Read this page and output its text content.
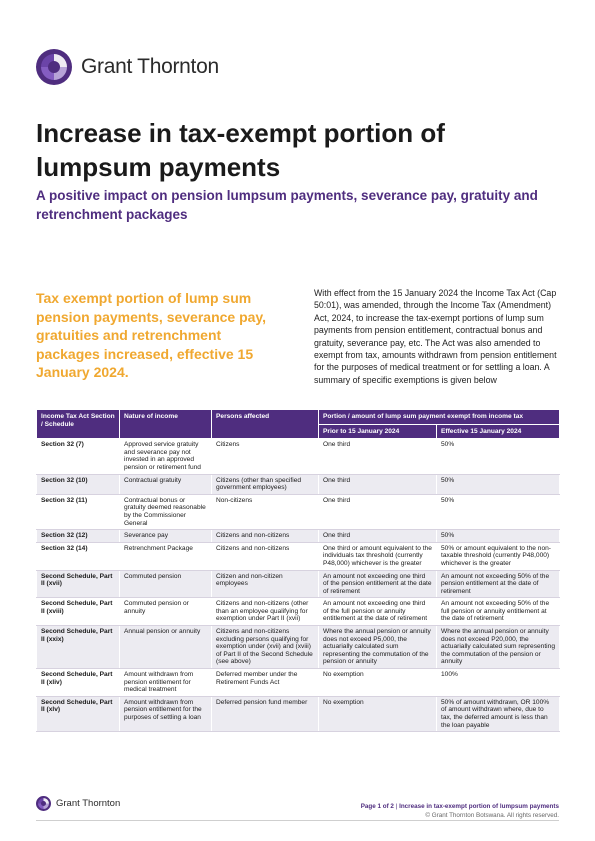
Grant Thornton
Increase in tax-exempt portion of lumpsum payments

A positive impact on pension lumpsum payments, severance pay, gratuity and retrenchment packages

Tax exempt portion of lump sum pension payments, severance pay, gratuities and retrenchment packages increased, effective 15 January 2024.

With effect from the 15 January 2024 the Income Tax Act (Cap 50:01), was amended, through the Income Tax (Amendment) Act, 2024, to increase the tax-exempt portions of lump sum payments from pension entitlement, contractual bonus and gratuity, severance pay, etc. The Act was also amended to exempt from tax, amounts withdrawn from pension entitlement for the purposes of medical treatment or for settling a loan. A summary of specific exemptions is given below

Income Tax Act Section / Schedule	Nature of income	Persons affected	Portion / amount of lump sum payment exempt from income tax	
			Prior to 15 January 2024	Effective 15 January 2024
Section 32 (7)	Approved service gratuity and severance pay not invested in an approved pension or retirement fund	Citizens	One third	50%
Section 32 (10)	Contractual gratuity	Citizens (other than specified government employees)	One third	50%
Section 32 (11)	Contractual bonus or gratuity deemed reasonable by the Commissioner General	Non-citizens	One third	50%
Section 32 (12)	Severance pay	Citizens and non-citizens	One third	50%
Section 32 (14)	Retrenchment Package	Citizens and non-citizens	One third or amount equivalent to the individuals tax threshold (currently P48,000) whichever is the greater	50% or amount equivalent to the non-taxable threshold (currently P48,000) whichever is the greater
Second Schedule, Part II (xvii)	Commuted pension	Citizen and non-citizen employees	An amount not exceeding one third of the pension entitlement at the date of retirement	An amount not exceeding 50% of the pension entitlement at the date of retirement
Second Schedule, Part II (xviii)	Commuted pension or annuity	Citizens and non-citizens (other than an employee qualifying for exemption under Part II (xvii)	An amount not exceeding one third of the full pension or annuity entitlement at the date of retirement	An amount not exceeding 50% of the full pension or annuity entitlement at the date of retirement
Second Schedule, Part II (xxix)	Annual pension or annuity	Citizens and non-citizens excluding persons qualifying for exemption under (xvii) and (xviii) of Part II of the Second Schedule (see above)	Where the annual pension or annuity does not exceed P5,000, the actuarially calculated sum representing the commutation of the pension or annuity	Where the annual pension or annuity does not exceed P20,000, the actuarially calculated sum representing the commutation of the pension or annuity
Second Schedule, Part II (xliv)	Amount withdrawn from pension entitlement for medical treatment	Deferred member under the Retirement Funds Act	No exemption	100%
Second Schedule, Part II (xlv)	Amount withdrawn from pension entitlement for the purposes of settling a loan	Deferred pension fund member	No exemption	50% of amount withdrawn, OR 100% of amount withdrawn where, due to tax, the deferred amount is less than the loan payable
Grant Thornton	Page 1 of 2 | Increase in tax-exempt portion of lumpsum payments
© Grant Thornton Botswana. All rights reserved.
